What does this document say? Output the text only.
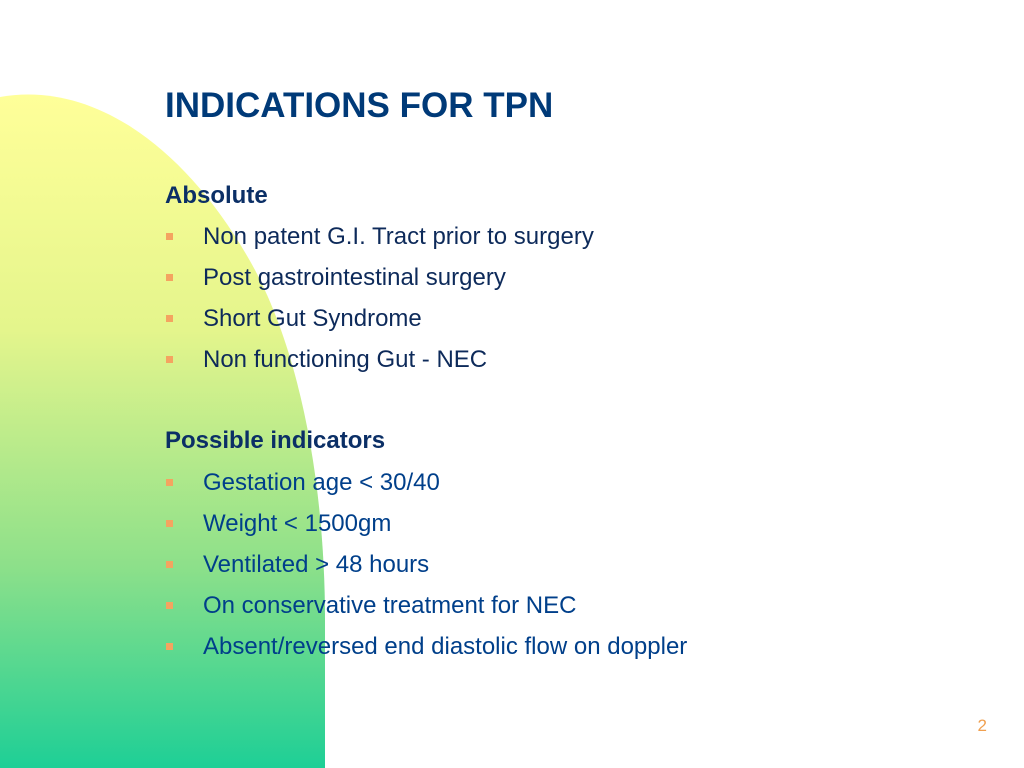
INDICATIONS FOR TPN
Absolute
Non patent G.I. Tract prior to surgery
Post gastrointestinal surgery
Short Gut Syndrome
Non functioning Gut - NEC
Possible indicators
Gestation age < 30/40
Weight < 1500gm
Ventilated > 48 hours
On conservative treatment for NEC
Absent/reversed end diastolic flow on doppler
2
